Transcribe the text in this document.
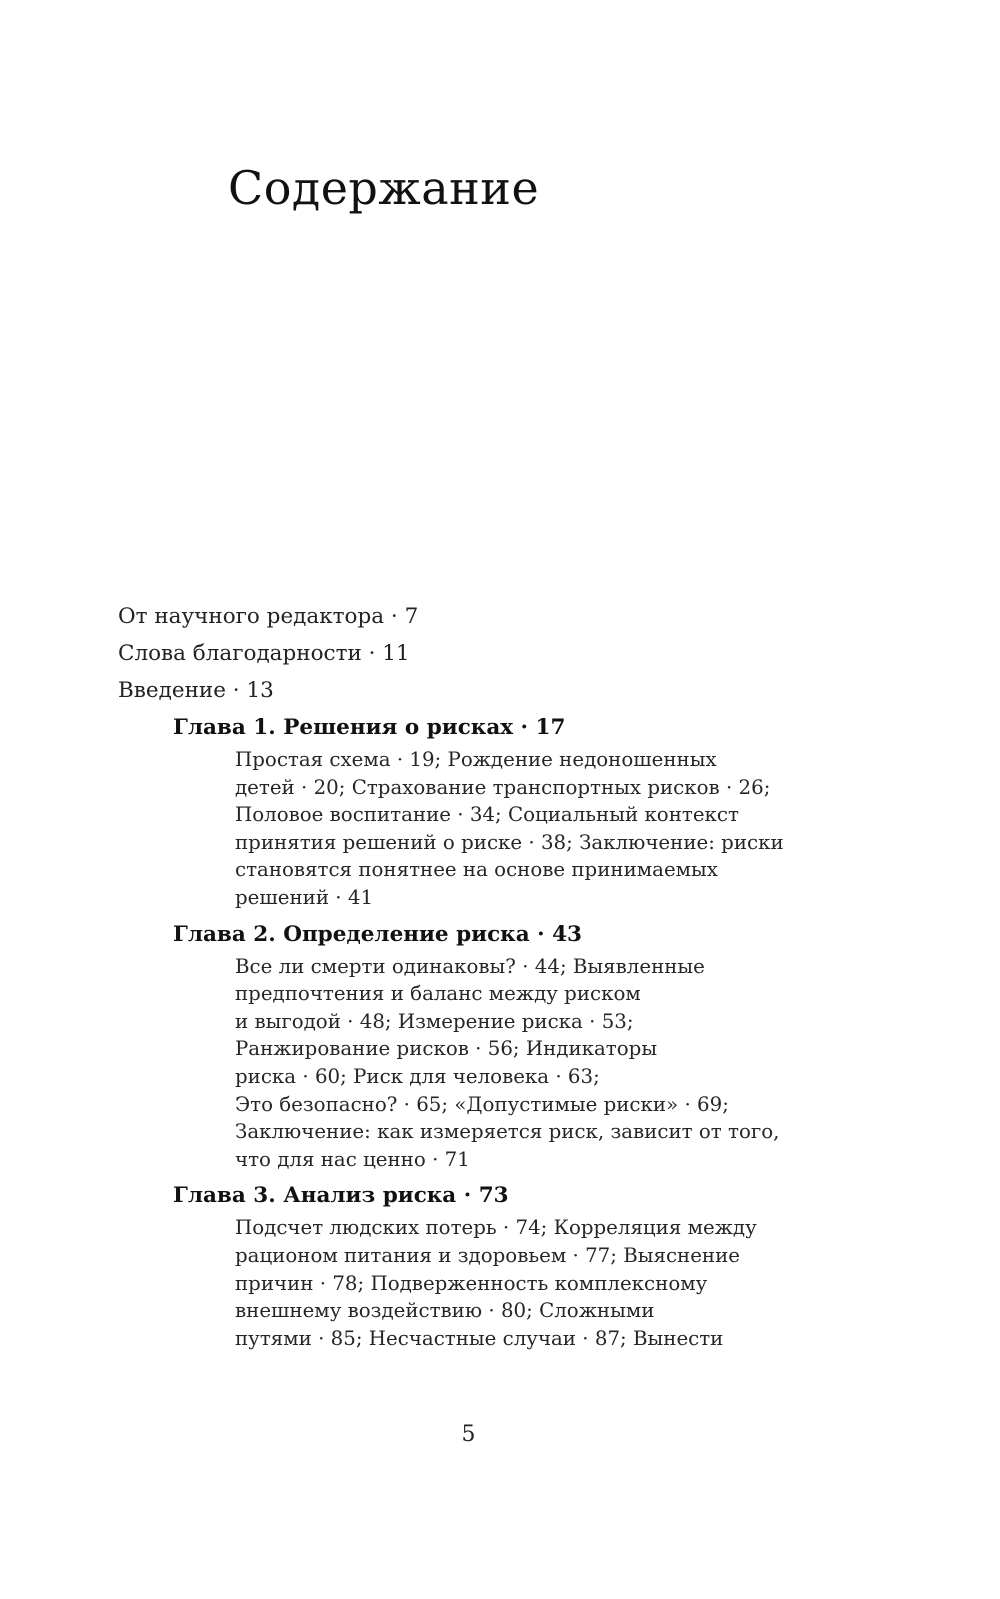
Содержание
От научного редактора · 7
Слова благодарности · 11
Введение · 13
Глава 1. Решения о рисках · 17
Простая схема · 19; Рождение недоношенных
детей · 20; Страхование транспортных рисков · 26;
Половое воспитание · 34; Социальный контекст
принятия решений о риске · 38; Заключение: риски
становятся понятнее на основе принимаемых
решений · 41
Глава 2. Определение риска · 43
Все ли смерти одинаковы? · 44; Выявленные
предпочтения и баланс между риском
и выгодой · 48; Измерение риска · 53;
Ранжирование рисков · 56; Индикаторы
риска · 60; Риск для человека · 63;
Это безопасно? · 65; «Допустимые риски» · 69;
Заключение: как измеряется риск, зависит от того,
что для нас ценно · 71
Глава 3. Анализ риска · 73
Подсчет людских потерь · 74; Корреляция между
рационом питания и здоровьем · 77; Выяснение
причин · 78; Подверженность комплексному
внешнему воздействию · 80; Сложными
путями · 85; Несчастные случаи · 87; Вынести
5
